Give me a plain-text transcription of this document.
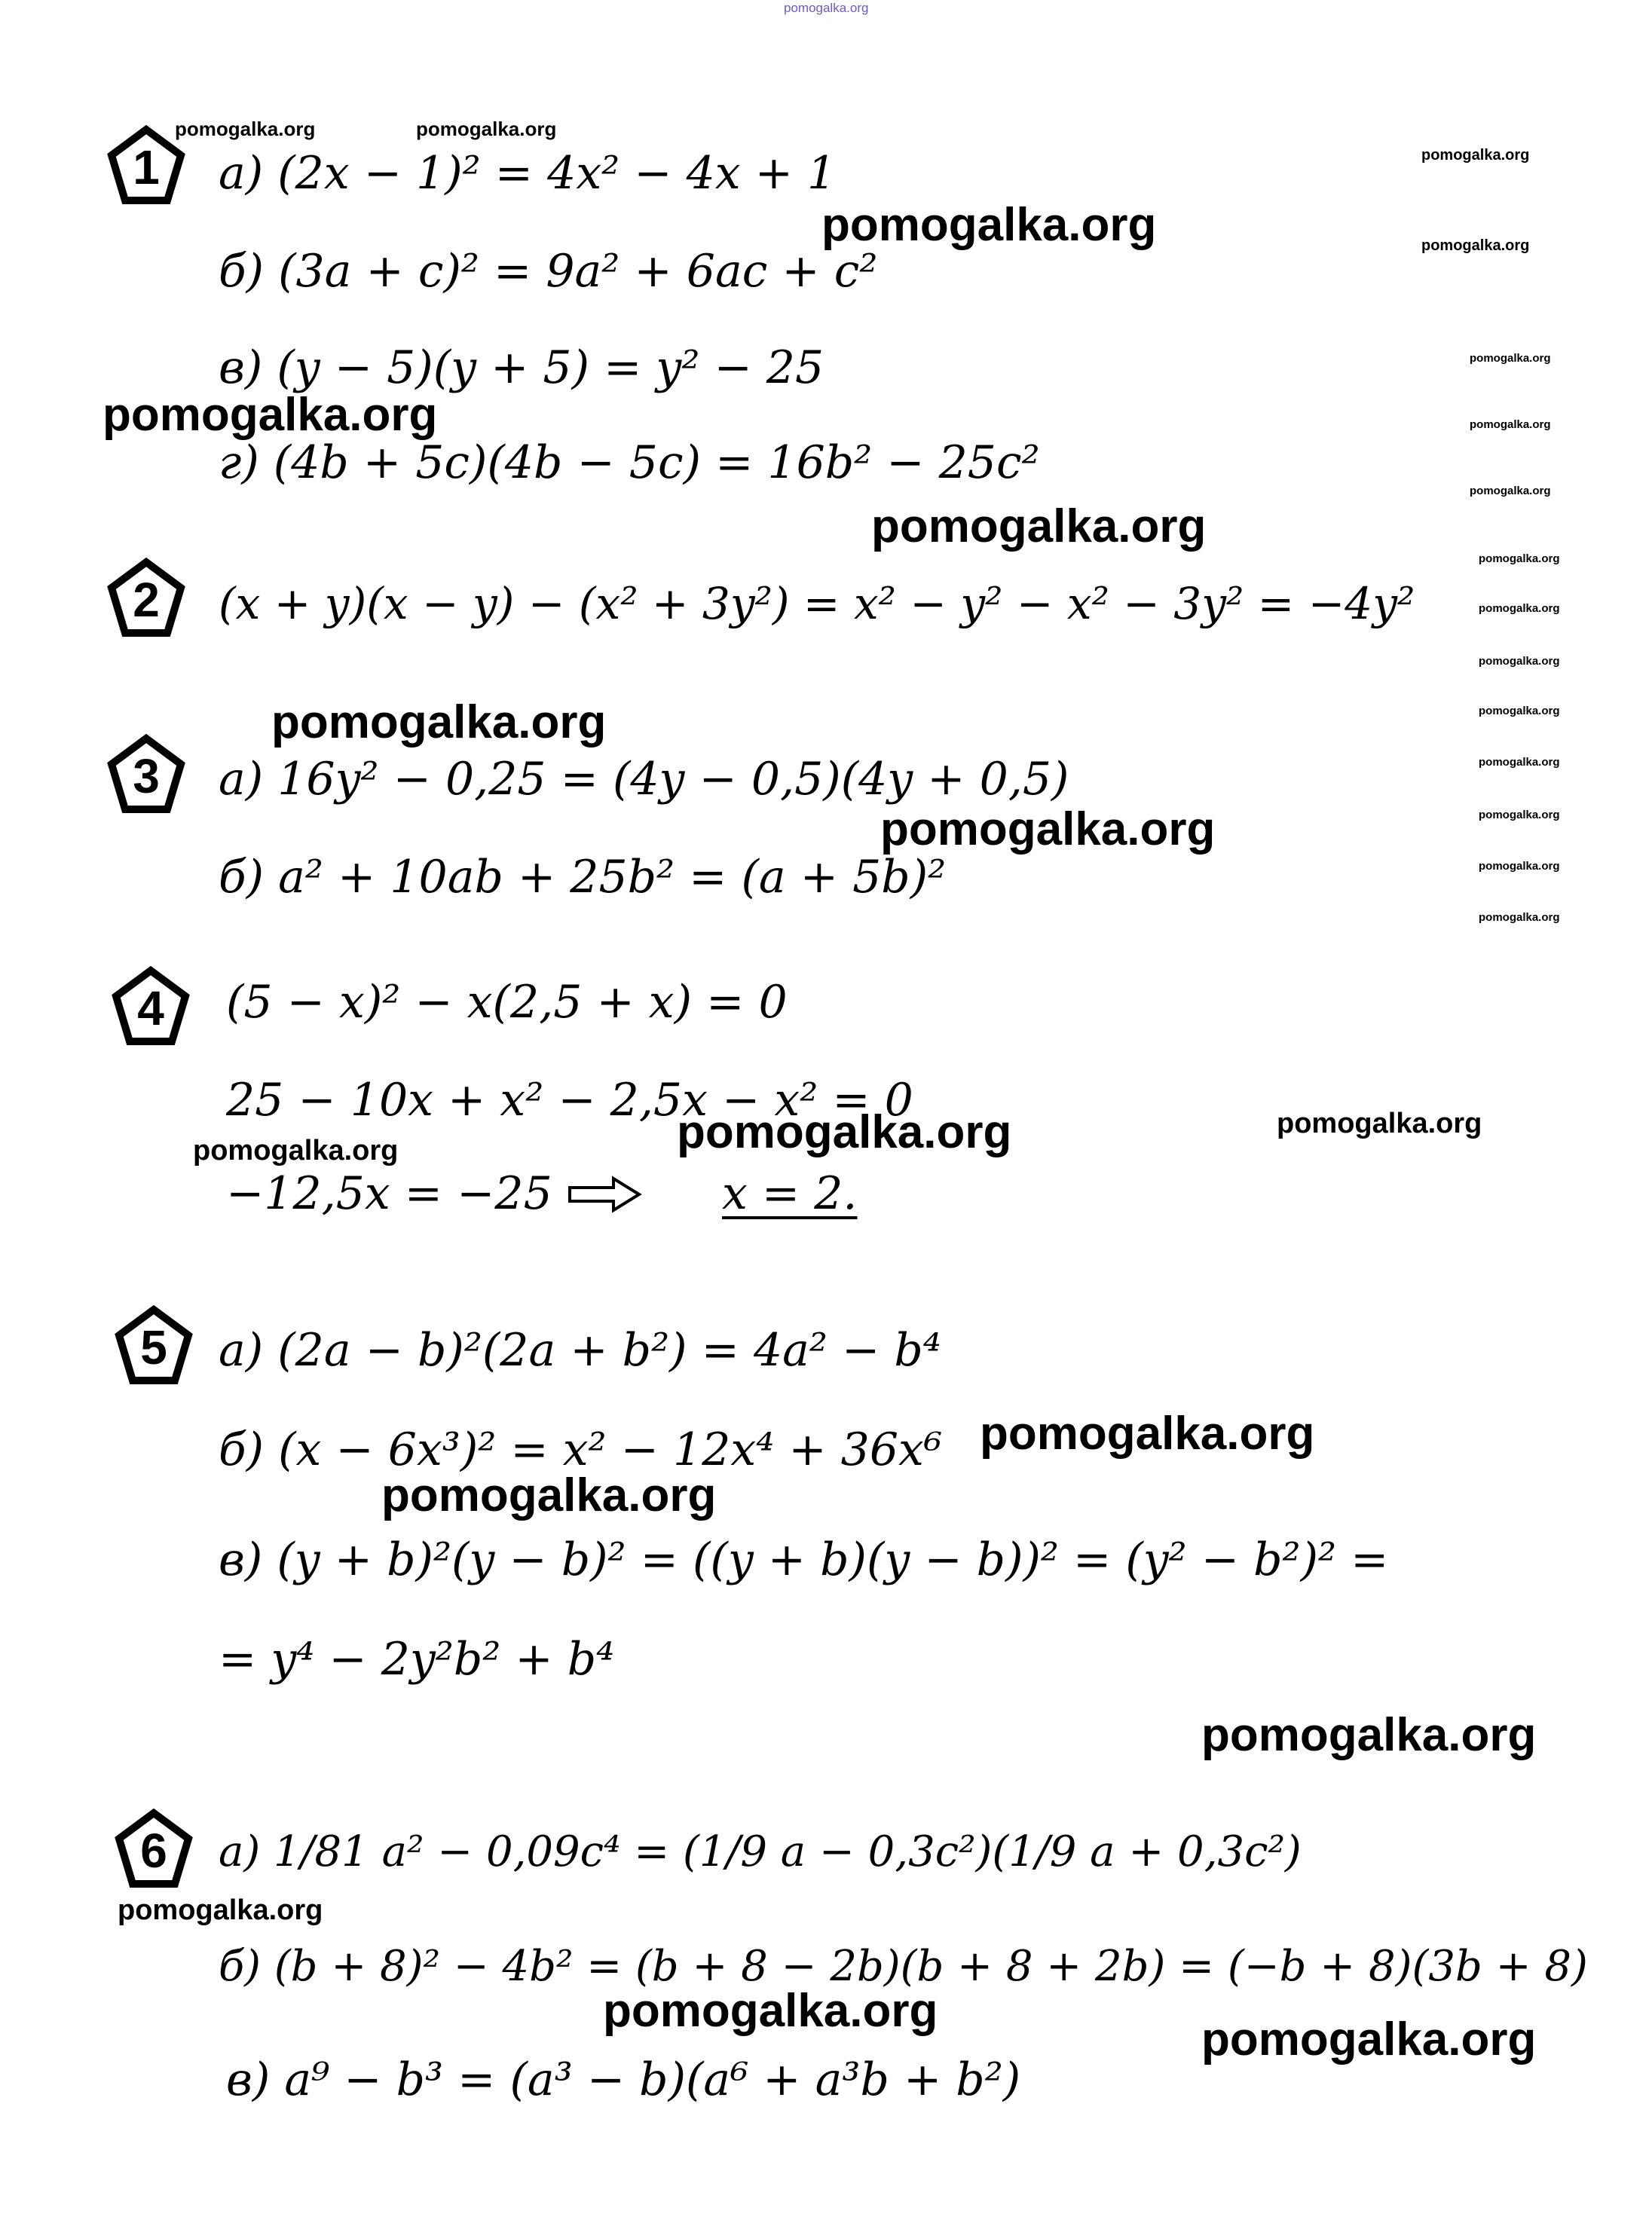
pomogalka.org
pomogalka.org	pomogalka.org
pomogalka.org
pomogalka.org
pomogalka.org
pomogalka.org
pomogalka.org
pomogalka.org
pomogalka.org
pomogalka.org
pomogalka.org
pomogalka.org
pomogalka.org
pomogalka.org
pomogalka.org
pomogalka.org
pomogalka.org
pomogalka.org
pomogalka.org
pomogalka.org
pomogalka.org	pomogalka.org	pomogalka.org
pomogalka.org
pomogalka.org
pomogalka.org
pomogalka.org
pomogalka.org
pomogalka.org
1
2
3
4
5
6
а) (2x − 1)² = 4x² − 4x + 1
б) (3a + c)² = 9a² + 6ac + c²
в) (y − 5)(y + 5) = y² − 25
г) (4b + 5c)(4b − 5c) = 16b² − 25c²
(x + y)(x − y) − (x² + 3y²) = x² − y² − x² − 3y² = −4y²
а) 16y² − 0,25 = (4y − 0,5)(4y + 0,5)
б) a² + 10ab + 25b² = (a + 5b)²
(5 − x)² − x(2,5 + x) = 0
25 − 10x + x² − 2,5x − x² = 0
−12,5x = −25	x = 2.
а) (2a − b)²(2a + b²) = 4a² − b⁴
б) (x − 6x³)² = x² − 12x⁴ + 36x⁶
в) (y + b)²(y − b)² = ((y + b)(y − b))² = (y² − b²)² =
= y⁴ − 2y²b² + b⁴
а) 1/81 a² − 0,09c⁴ = (1/9 a − 0,3c²)(1/9 a + 0,3c²)
б) (b + 8)² − 4b² = (b + 8 − 2b)(b + 8 + 2b) = (−b + 8)(3b + 8)
в) a⁹ − b³ = (a³ − b)(a⁶ + a³b + b²)
